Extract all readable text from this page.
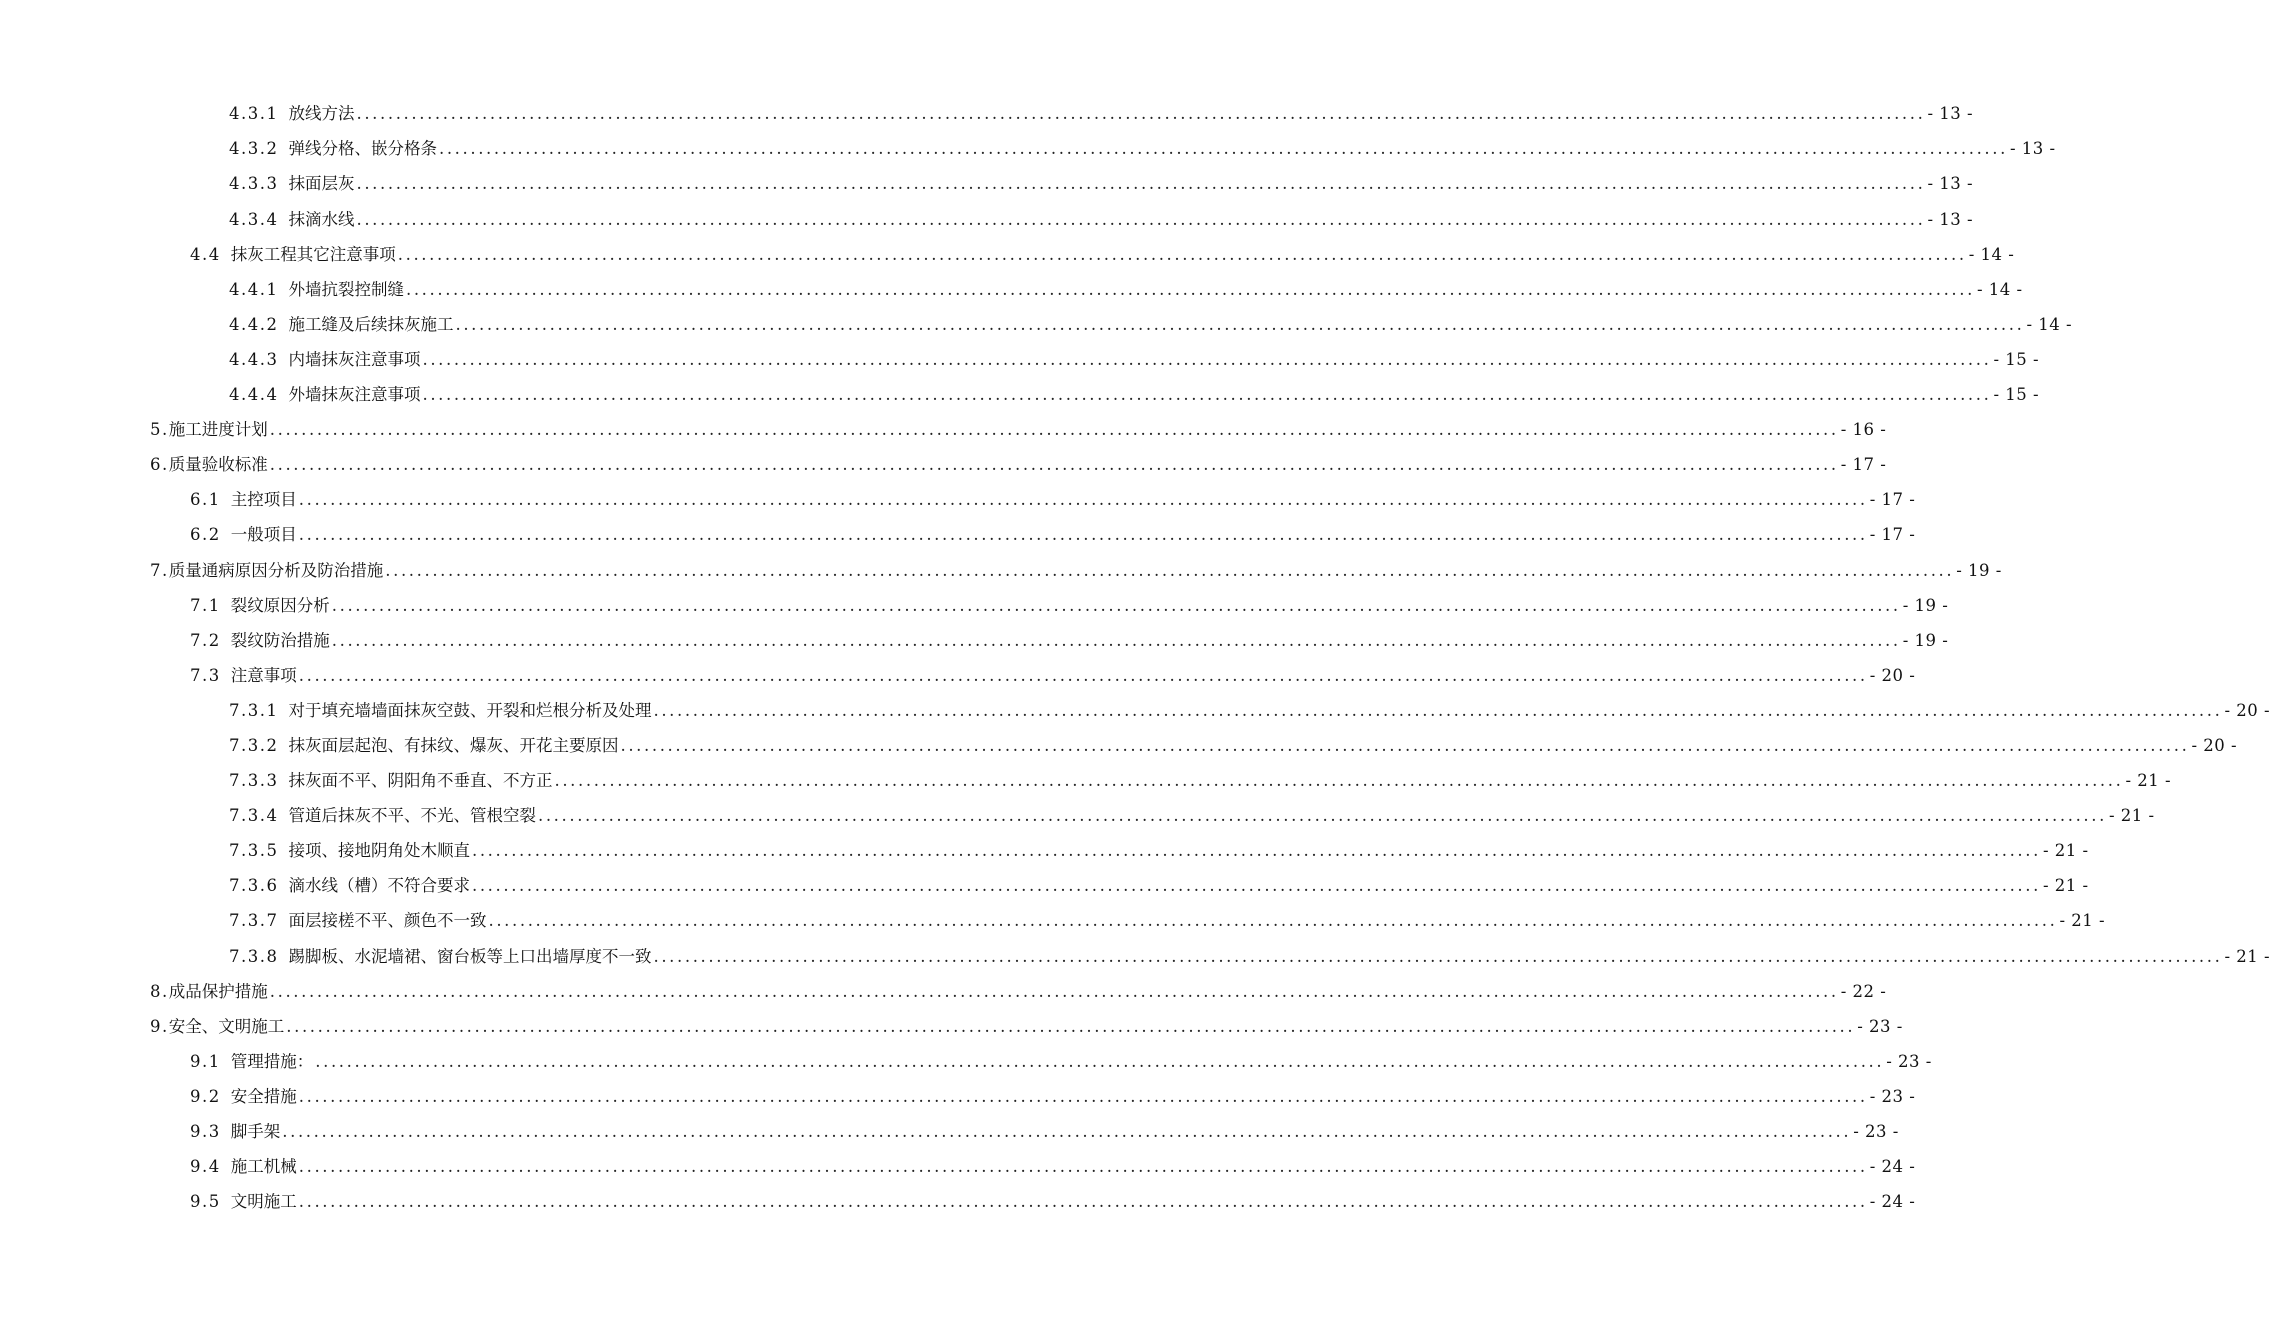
4.3.1 放线方法 ........................................................................................................................................................................................................ - 13 -
4.3.2 弹线分格、嵌分格条 ........................................................................................................................................................................................................ - 13 -
4.3.3 抹面层灰 ........................................................................................................................................................................................................ - 13 -
4.3.4 抹滴水线 ........................................................................................................................................................................................................ - 13 -
4.4 抹灰工程其它注意事项 ........................................................................................................................................................................................................ - 14 -
4.4.1 外墙抗裂控制缝 ........................................................................................................................................................................................................ - 14 -
4.4.2 施工缝及后续抹灰施工 ........................................................................................................................................................................................................ - 14 -
4.4.3 内墙抹灰注意事项 ........................................................................................................................................................................................................ - 15 -
4.4.4 外墙抹灰注意事项 ........................................................................................................................................................................................................ - 15 -
5.施工进度计划 ........................................................................................................................................................................................................ - 16 -
6.质量验收标准 ........................................................................................................................................................................................................ - 17 -
6.1 主控项目 ........................................................................................................................................................................................................ - 17 -
6.2 一般项目 ........................................................................................................................................................................................................ - 17 -
7.质量通病原因分析及防治措施 ........................................................................................................................................................................................................ - 19 -
7.1 裂纹原因分析 ........................................................................................................................................................................................................ - 19 -
7.2 裂纹防治措施 ........................................................................................................................................................................................................ - 19 -
7.3 注意事项 ........................................................................................................................................................................................................ - 20 -
7.3.1 对于填充墙墙面抹灰空鼓、开裂和烂根分析及处理 ........................................................................................................................................................................................................ - 20 -
7.3.2 抹灰面层起泡、有抹纹、爆灰、开花主要原因 ........................................................................................................................................................................................................ - 20 -
7.3.3 抹灰面不平、阴阳角不垂直、不方正 ........................................................................................................................................................................................................ - 21 -
7.3.4 管道后抹灰不平、不光、管根空裂 ........................................................................................................................................................................................................ - 21 -
7.3.5 接项、接地阴角处木顺直 ........................................................................................................................................................................................................ - 21 -
7.3.6 滴水线（槽）不符合要求 ........................................................................................................................................................................................................ - 21 -
7.3.7 面层接槎不平、颜色不一致 ........................................................................................................................................................................................................ - 21 -
7.3.8 踢脚板、水泥墙裙、窗台板等上口出墙厚度不一致 ........................................................................................................................................................................................................ - 21 -
8.成品保护措施 ........................................................................................................................................................................................................ - 22 -
9.安全、文明施工 ........................................................................................................................................................................................................ - 23 -
9.1 管理措施： ........................................................................................................................................................................................................ - 23 -
9.2 安全措施 ........................................................................................................................................................................................................ - 23 -
9.3 脚手架 ........................................................................................................................................................................................................ - 23 -
9.4 施工机械 ........................................................................................................................................................................................................ - 24 -
9.5 文明施工 ........................................................................................................................................................................................................ - 24 -
